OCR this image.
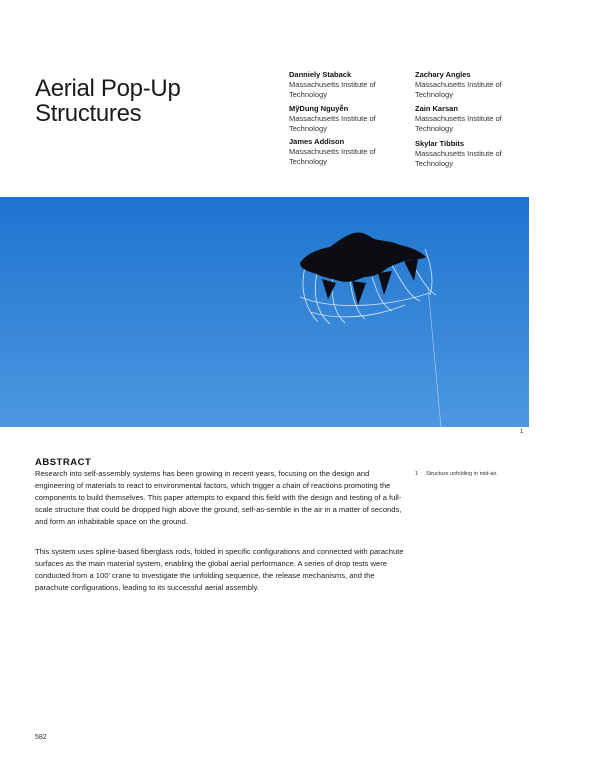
Aerial Pop-Up Structures
Danniely Staback
Massachusetts Institute of Technology
MỹDung Nguyễn
Massachusetts Institute of Technology
James Addison
Massachusetts Institute of Technology
Zachary Angles
Massachusetts Institute of Technology
Zain Karsan
Massachusetts Institute of Technology
Skylar Tibbits
Massachusetts Institute of Technology
1
ABSTRACT

Research into self-assembly systems has been growing in recent years, focusing on the design and engineering of materials to react to environmental factors, which trigger a chain of reactions promoting the components to build themselves. This paper attempts to expand this field with the design and testing of a full-scale structure that could be dropped high above the ground, self-as-semble in the air in a matter of seconds, and form an inhabitable space on the ground.

This system uses spline-based fiberglass rods, folded in specific configurations and connected with parachute surfaces as the main material system, enabling the global aerial performance. A series of drop tests were conducted from a 100' crane to investigate the unfolding sequence, the release mechanisms, and the parachute configurations, leading to its successful aerial assembly.

1 Structure unfolding in mid-air.
582
